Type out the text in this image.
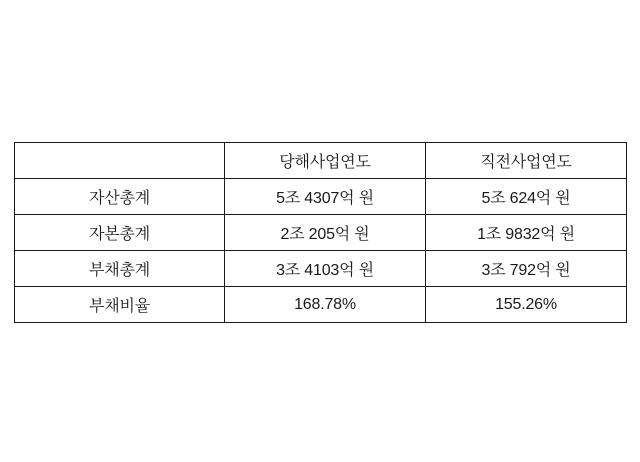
	당해사업연도	직전사업연도
자산총계	5조 4307억 원	5조 624억 원
자본총계	2조 205억 원	1조 9832억 원
부채총계	3조 4103억 원	3조 792억 원
부채비율	168.78%	155.26%
